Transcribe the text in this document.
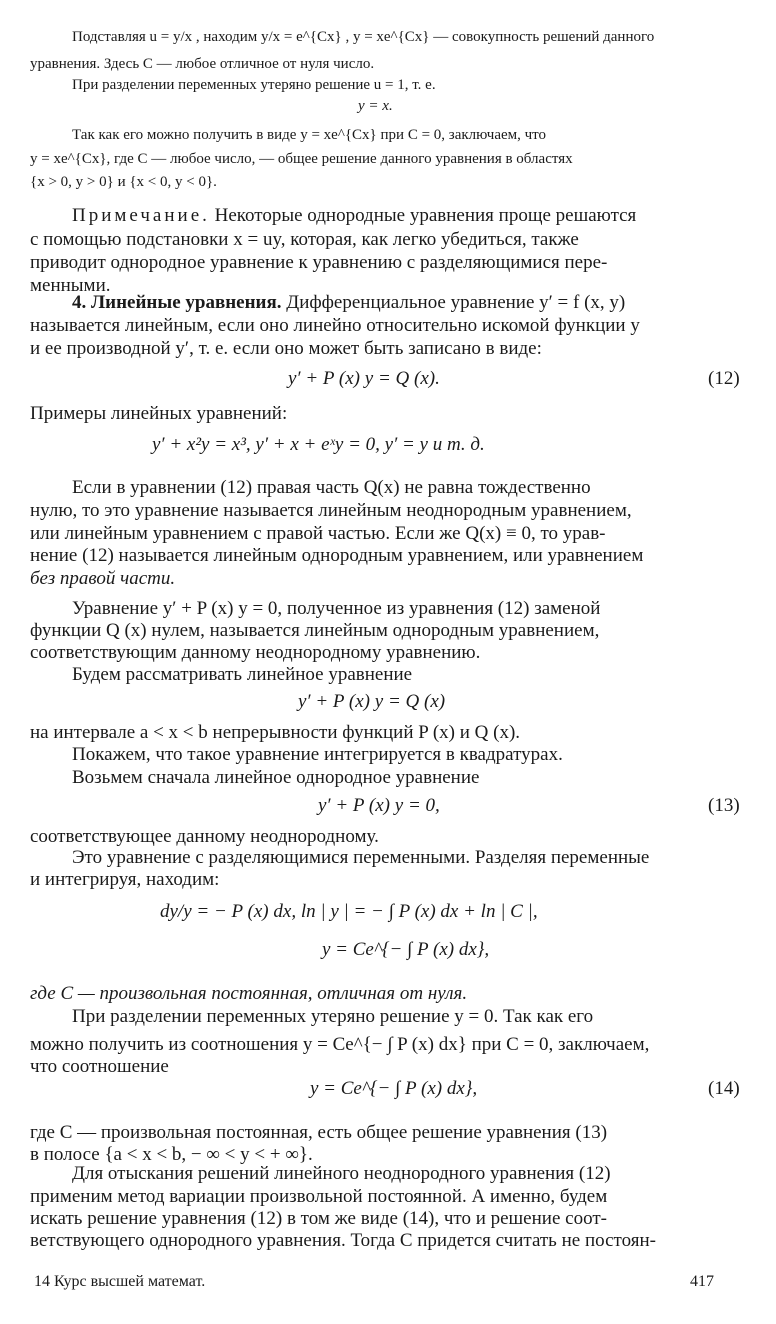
Подставляя u = y/x , находим y/x = e^{Cx} , y = xe^{Cx} — совокупность решений данного
уравнения. Здесь C — любое отличное от нуля число.
При разделении переменных утеряно решение u = 1, т. е.
y = x.
Так как его можно получить в виде y = xe^{Cx} при C = 0, заключаем, что
y = xe^{Cx}, где C — любое число, — общее решение данного уравнения в областях
{x > 0, y > 0} и {x < 0, y < 0}.
Примечание. Некоторые однородные уравнения проще решаются
с помощью подстановки x = uy, которая, как легко убедиться, также
приводит однородное уравнение к уравнению с разделяющимися пере-
менными.
4. Линейные уравнения. Дифференциальное уравнение y′ = f (x, y)
называется линейным, если оно линейно относительно искомой функции y
и ее производной y′, т. е. если оно может быть записано в виде:
y′ + P (x) y = Q (x).	(12)
Примеры линейных уравнений:
y′ + x²y = x³, y′ + x + eˣy = 0, y′ = y и т. д.
Если в уравнении (12) правая часть Q(x) не равна тождественно
нулю, то это уравнение называется линейным неоднородным уравнением,
или линейным уравнением с правой частью. Если же Q(x) ≡ 0, то урав-
нение (12) называется линейным однородным уравнением, или уравнением
без правой части.
Уравнение y′ + P (x) y = 0, полученное из уравнения (12) заменой
функции Q (x) нулем, называется линейным однородным уравнением,
соответствующим данному неоднородному уравнению.
Будем рассматривать линейное уравнение
y′ + P (x) y = Q (x)
на интервале a < x < b непрерывности функций P (x) и Q (x).
Покажем, что такое уравнение интегрируется в квадратурах.
Возьмем сначала линейное однородное уравнение
y′ + P (x) y = 0,	(13)
соответствующее данному неоднородному.
Это уравнение с разделяющимися переменными. Разделяя переменные
и интегрируя, находим:
dy/y = − P (x) dx, ln | y | = − ∫ P (x) dx + ln | C |,
y = Ce^{− ∫ P (x) dx},
где C — произвольная постоянная, отличная от нуля.
При разделении переменных утеряно решение y = 0. Так как его
можно получить из соотношения y = Ce^{− ∫ P (x) dx} при C = 0, заключаем,
что соотношение
y = Ce^{− ∫ P (x) dx},	(14)
где C — произвольная постоянная, есть общее решение уравнения (13)
в полосе {a < x < b, − ∞ < y < + ∞}.
Для отыскания решений линейного неоднородного уравнения (12)
применим метод вариации произвольной постоянной. А именно, будем
искать решение уравнения (12) в том же виде (14), что и решение соот-
ветствующего однородного уравнения. Тогда C придется считать не постоян-
14 Курс высшей математ.	417
